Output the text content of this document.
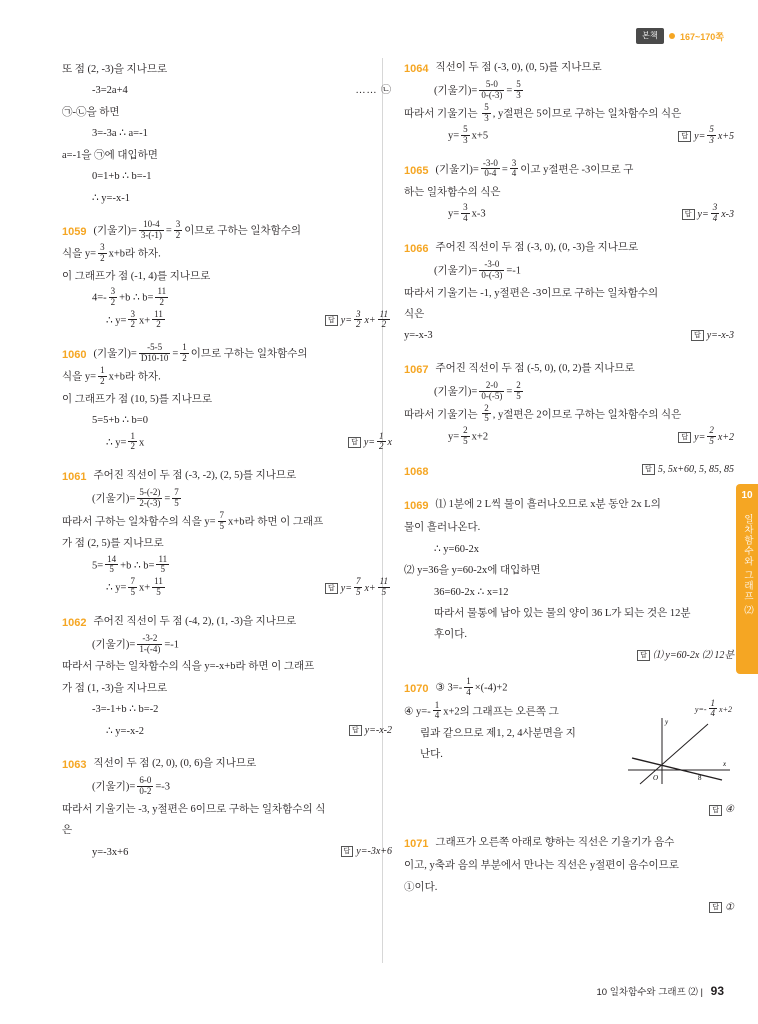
본책	167~170쪽
또 점 (2, -3)을 지나므로
-3=2a+4	…… ㉡
㉠-㉡을 하면
3=-3a ∴ a=-1
a=-1을 ㉠에 대입하면
0=1+b ∴ b=-1
∴ y=-x-1
1059 (기울기)= $\frac{10-4}{3-(-1)} = \frac{3}{2}$ 이므로 구하는 일차함수의
식을 $y= \frac{3}{2} x+b$라 하자.
이 그래프가 점 (-1, 4)를 지나므로
$4=- \frac{3}{2} +b$ ∴ $b= \frac{11}{2}$
∴ $y= \frac{3}{2} x+ \frac{11}{2}$	답 $y= \frac{3}{2} x+ \frac{11}{2}$
1060 (기울기)= $\frac{-5-5}{D10-10} = \frac{1}{2}$ 이므로 구하는 일차함수의
식을 $y= \frac{1}{2} x+b$라 하자.
이 그래프가 점 (10, 5)를 지나므로
5=5+b ∴ b=0
∴ $y= \frac{1}{2}$ x	답 $y= \frac{1}{2}$ x
1061 주어진 직선이 두 점 (-3, -2), (2, 5)를 지나므로
(기울기)= $\frac{5-(-2)}{2-(-3)} = \frac{7}{5}$
따라서 구하는 일차함수의 식을 $y= \frac{7}{5} x+b$라 하면 이 그래프
가 점 (2, 5)를 지나므로
$5= \frac{14}{5} +b$ ∴ $b= \frac{11}{5}$
∴ $y= \frac{7}{5} x+ \frac{11}{5}$	답 $y= \frac{7}{5} x+ \frac{11}{5}$
1062 주어진 직선이 두 점 (-4, 2), (1, -3)을 지나므로
(기울기)= $\frac{-3-2}{1-(-4)} =-1$
따라서 구하는 일차함수의 식을 y=-x+b라 하면 이 그래프
가 점 (1, -3)을 지나므로
-3=-1+b ∴ b=-2
∴ y=-x-2	답 y=-x-2
1063 직선이 두 점 (2, 0), (0, 6)을 지나므로
(기울기)= $\frac{6-0}{0-2} =-3$
따라서 기울기는 -3, y절편은 6이므로 구하는 일차함수의 식
은
y=-3x+6	답 y=-3x+6
1064 직선이 두 점 (-3, 0), (0, 5)를 지나므로
(기울기)= $\frac{5-0}{0-(-3)} = \frac{5}{3}$
따라서 기울기는 $\frac{5}{3}$ , y절편은 5이므로 구하는 일차함수의 식은
$y= \frac{5}{3} x+5$	답 $y= \frac{5}{3} x+5$
1065 (기울기)= $\frac{-3-0}{0-4} = \frac{3}{4}$ 이고 y절편은 -3이므로 구
하는 일차함수의 식은
$y= \frac{3}{4} x-3$	답 $y= \frac{3}{4} x-3$
1066 주어진 직선이 두 점 (-3, 0), (0, -3)을 지나므로
(기울기)= $\frac{-3-0}{0-(-3)} =-1$
따라서 기울기는 -1, y절편은 -3이므로 구하는 일차함수의
식은
y=-x-3	답 y=-x-3
1067 주어진 직선이 두 점 (-5, 0), (0, 2)를 지나므로
(기울기)= $\frac{2-0}{0-(-5)} = \frac{2}{5}$
따라서 기울기는 $\frac{2}{5}$ , y절편은 2이므로 구하는 일차함수의 식은
$y= \frac{2}{5} x+2$	답 $y= \frac{2}{5} x+2$
1068	답 5, 5x+60, 5, 85, 85
1069 ⑴ 1분에 2 L씩 물이 흘러나오므로 x분 동안 2x L의
물이 흘러나온다.
∴ y=60-2x
⑵ y=36을 y=60-2x에 대입하면
36=60-2x ∴ x=12
따라서 물통에 남아 있는 물의 양이 36 L가 되는 것은 12분
후이다.
답 ⑴ y=60-2x ⑵ 12분
1070 ③ $3=- \frac{1}{4} \times(-4)+2$
④ $y=- \frac{1}{4} x+2$의 그래프는 오른쪽 그
림과 같으므로 제1, 2, 4사분면을 지
난다.
$y=- \frac{1}{4} x+2$
y
x
O	8
답 ④
1071 그래프가 오른쪽 아래로 향하는 직선은 기울기가 음수
이고, y축과 음의 부분에서 만나는 직선은 y절편이 음수이므로
①이다.
답 ①
10
일차함수와 그래프 ⑵
10 일차함수와 그래프 ⑵ | 93
